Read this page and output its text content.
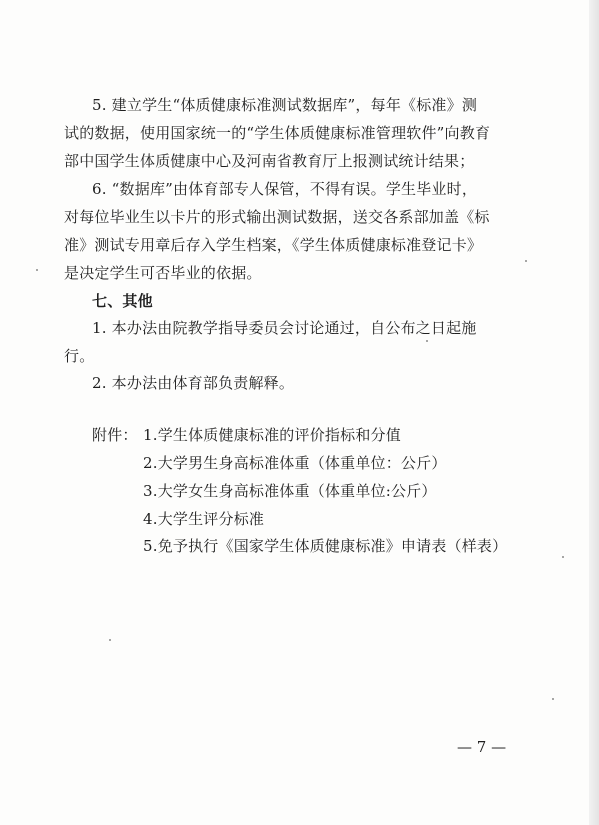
5. 建立学生“体质健康标准测试数据库”，每年《标准》测
试的数据，使用国家统一的“学生体质健康标准管理软件”向教育
部中国学生体质健康中心及河南省教育厅上报测试统计结果；
6. “数据库”由体育部专人保管，不得有误。学生毕业时，
对每位毕业生以卡片的形式输出测试数据，送交各系部加盖《标
准》测试专用章后存入学生档案，《学生体质健康标准登记卡》
是决定学生可否毕业的依据。
七、其他
1. 本办法由院教学指导委员会讨论通过，自公布之日起施
行。
2. 本办法由体育部负责解释。
附件： 1.学生体质健康标准的评价指标和分值
2.大学男生身高标准体重（体重单位：公斤）
3.大学女生身高标准体重（体重单位:公斤）
4.大学生评分标准
5.免予执行《国家学生体质健康标准》申请表（样表）
— 7 —
